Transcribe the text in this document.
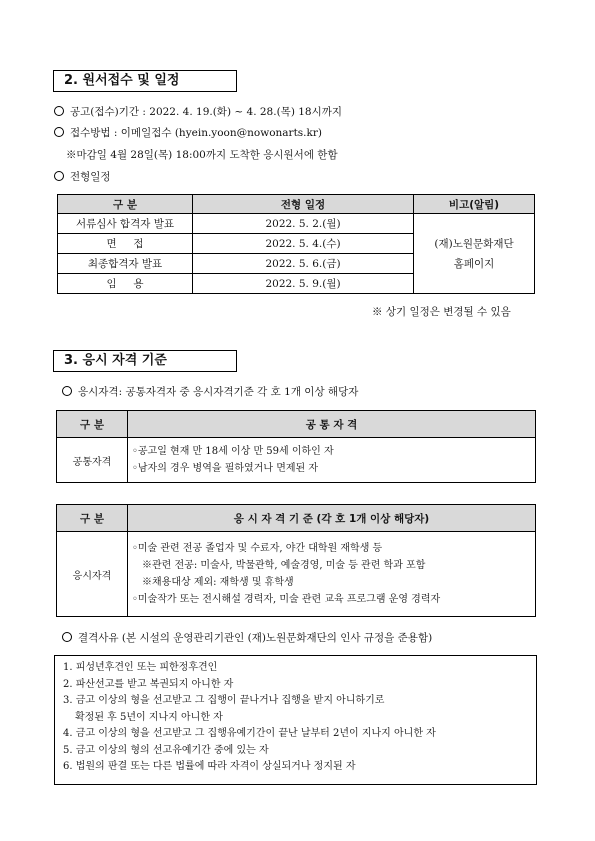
2. 원서접수 및 일정
공고(접수)기간 : 2022. 4. 19.(화) ~ 4. 28.(목) 18시까지
접수방법 : 이메일접수 (hyein.yoon@nowonarts.kr)
※마감일 4월 28일(목) 18:00까지 도착한 응시원서에 한함
전형일정
구 분	전형 일정	비고(알림)
서류심사 합격자 발표	2022. 5. 2.(월)	(재)노원문화재단
홈페이지

면     접	2022. 5. 4.(수)	
최종합격자 발표	2022. 5. 6.(금)	
임     용	2022. 5. 9.(월)	
※ 상기 일정은 변경될 수 있음
3. 응시 자격 기준
응시자격: 공통자격자 중 응시자격기준 각 호 1개 이상 해당자
구 분	공 통 자 격
공통자격	◦공고일 현재 만 18세 이상 만 59세 이하인 자
◦남자의 경우 병역을 필하였거나 면제된 자
구 분	응 시 자 격 기 준 (각 호 1개 이상 해당자)
응시자격	◦미술 관련 전공 졸업자 및 수료자, 야간 대학원 재학생 등
※관련 전공: 미술사, 박물관학, 예술경영, 미술 등 관련 학과 포함
※채용대상 제외: 재학생 및 휴학생
◦미술작가 또는 전시해설 경력자, 미술 관련 교육 프로그램 운영 경력자
결격사유 (본 시설의 운영관리기관인 (재)노원문화재단의 인사 규정을 준용함)
1. 피성년후견인 또는 피한정후견인
2. 파산선고를 받고 복권되지 아니한 자
3. 금고 이상의 형을 선고받고 그 집행이 끝나거나 집행을 받지 아니하기로
확정된 후 5년이 지나지 아니한 자
4. 금고 이상의 형을 선고받고 그 집행유예기간이 끝난 날부터 2년이 지나지 아니한 자
5. 금고 이상의 형의 선고유예기간 중에 있는 자
6. 법원의 판결 또는 다른 법률에 따라 자격이 상실되거나 정지된 자
